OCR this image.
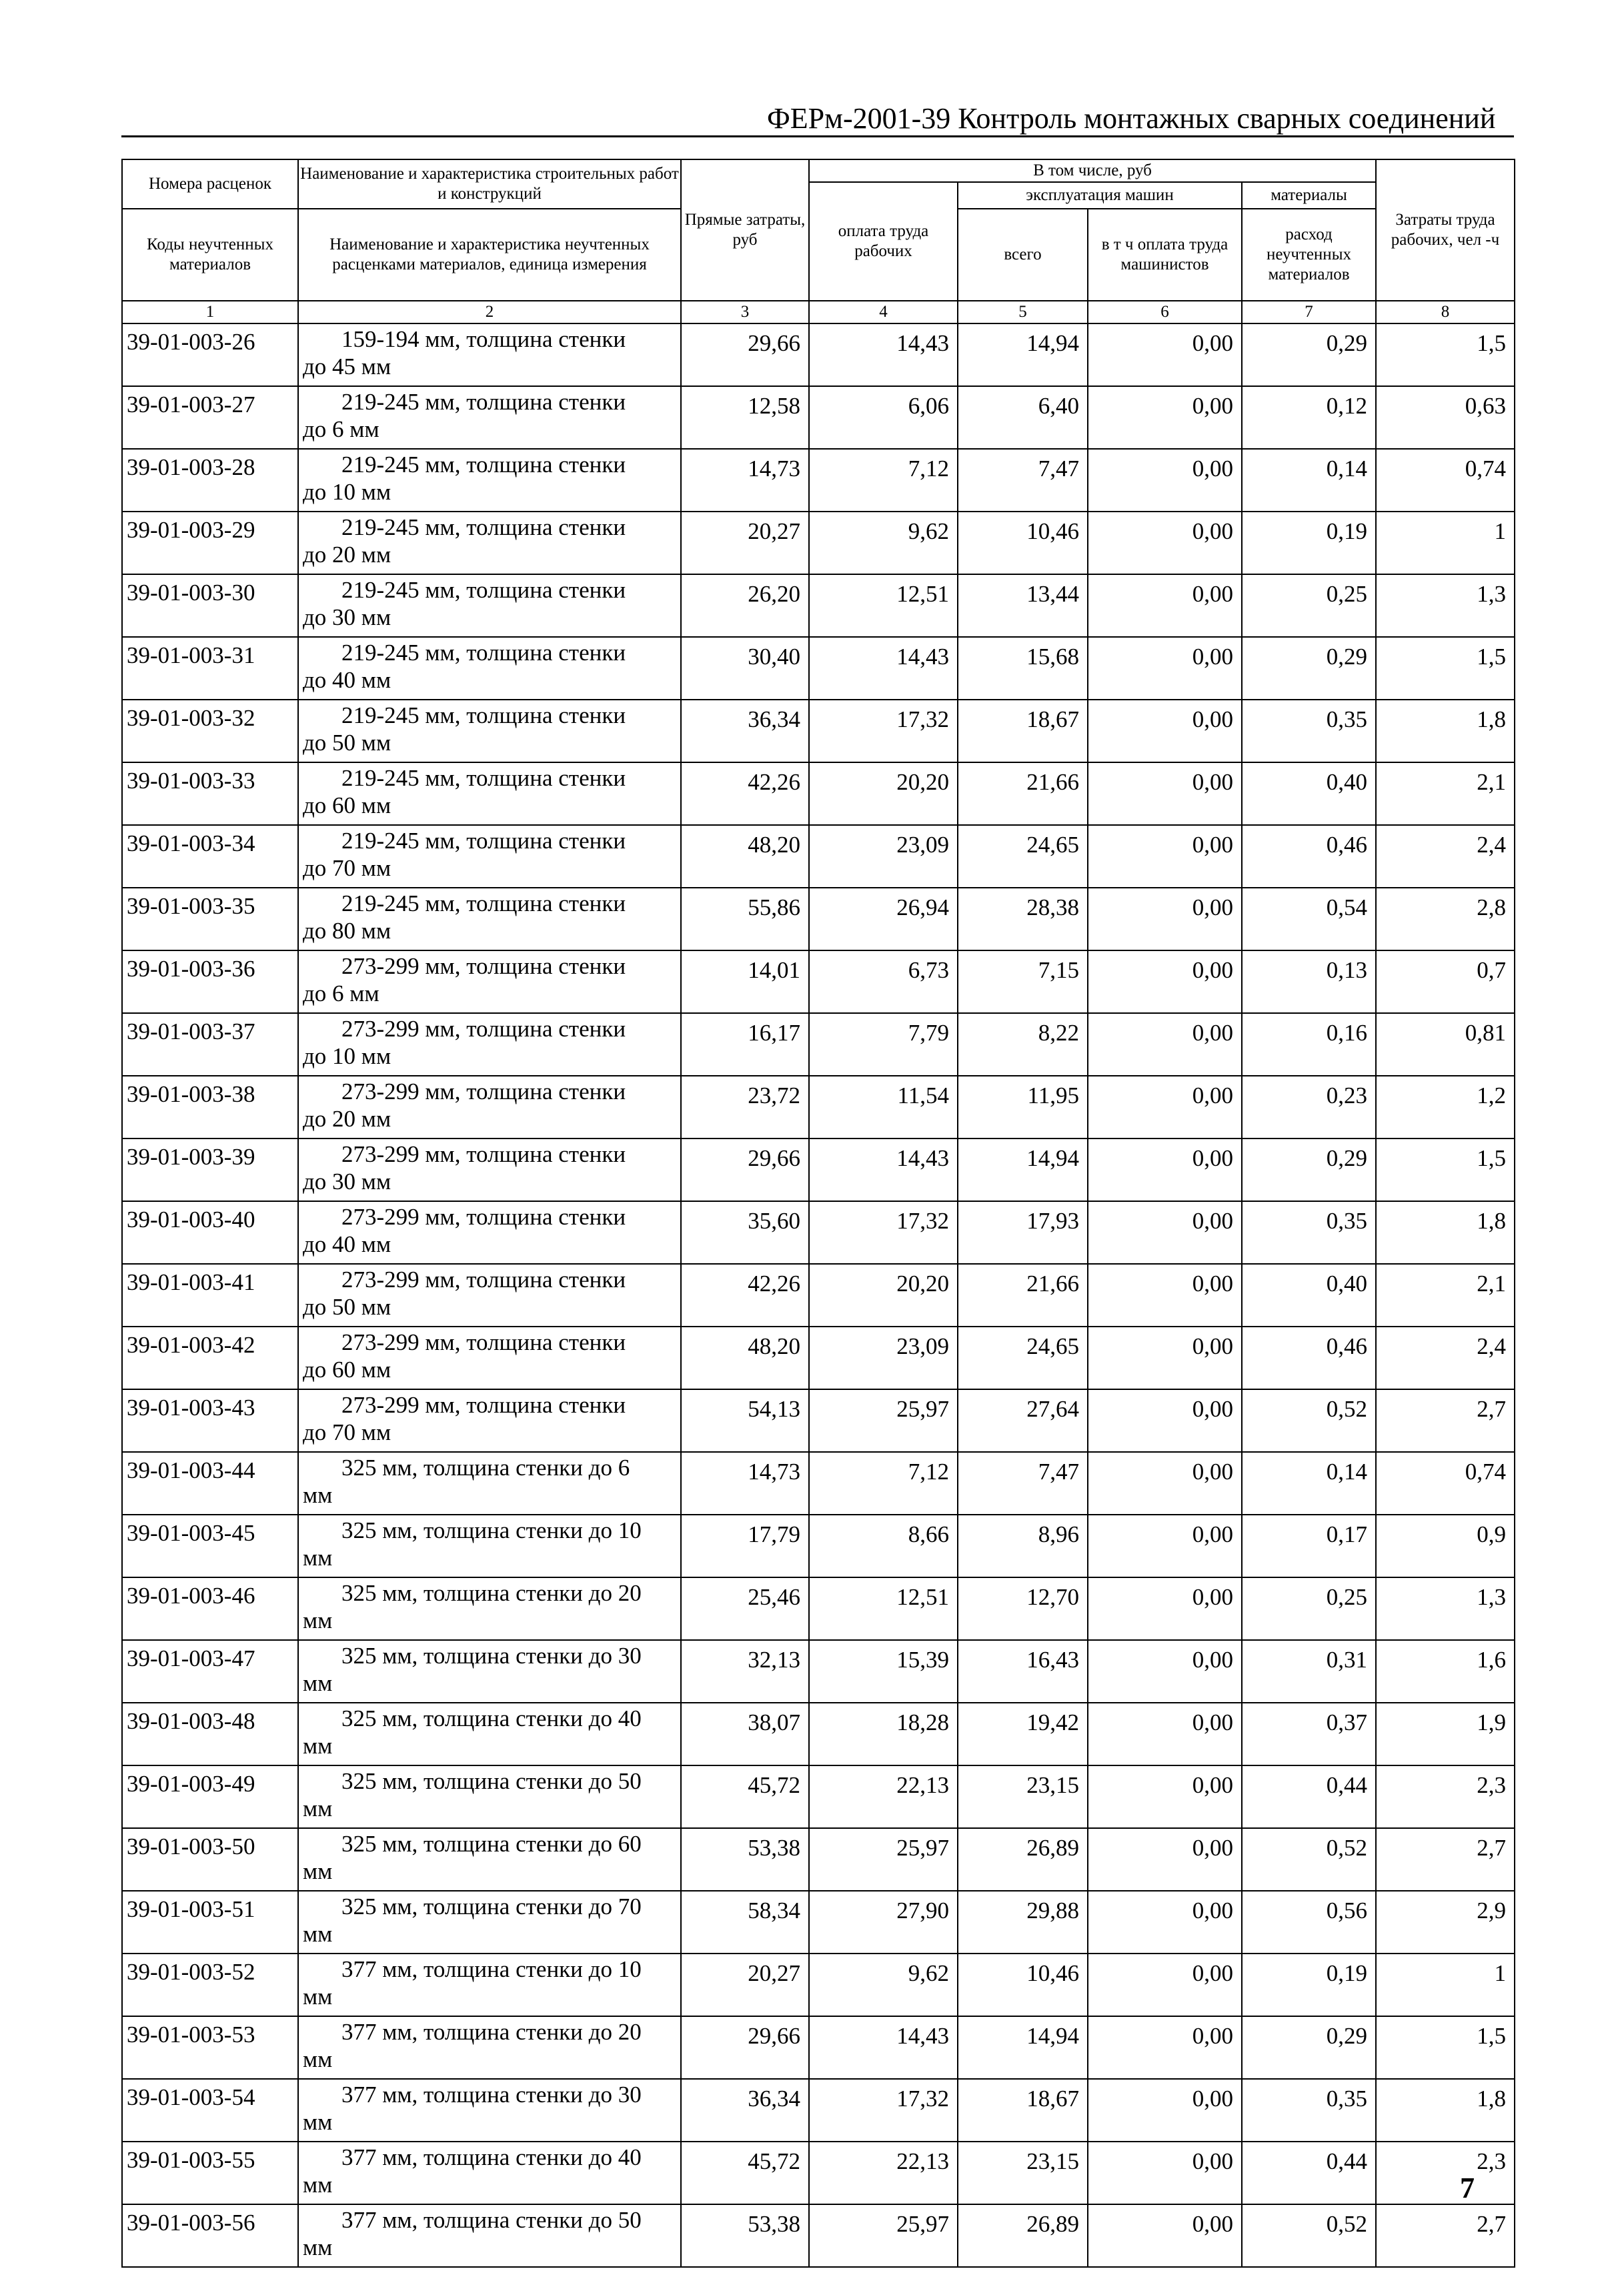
ФЕРм-2001-39 Контроль монтажных сварных соединений
Номера расценок	Наименование и характеристика строительных работ и конструкций	Прямые затраты, руб	В том числе, руб				Затраты труда рабочих, чел -ч
			оплата труда рабочих	эксплуатация машин		материалы	
Коды неучтенных материалов	Наименование и характеристика неучтенных расценками материалов, единица измерения			всего	в т ч оплата труда машинистов	расход неучтенных материалов	

1	2	3	4	5	6	7	8
39-01-003-26	159-194 мм, толщина стенки
до 45 мм	29,66	14,43	14,94	0,00	0,29	1,5
39-01-003-27	219-245 мм, толщина стенки
до 6 мм	12,58	6,06	6,40	0,00	0,12	0,63
39-01-003-28	219-245 мм, толщина стенки
до 10 мм	14,73	7,12	7,47	0,00	0,14	0,74
39-01-003-29	219-245 мм, толщина стенки
до 20 мм	20,27	9,62	10,46	0,00	0,19	1
39-01-003-30	219-245 мм, толщина стенки
до 30 мм	26,20	12,51	13,44	0,00	0,25	1,3
39-01-003-31	219-245 мм, толщина стенки
до 40 мм	30,40	14,43	15,68	0,00	0,29	1,5
39-01-003-32	219-245 мм, толщина стенки
до 50 мм	36,34	17,32	18,67	0,00	0,35	1,8
39-01-003-33	219-245 мм, толщина стенки
до 60 мм	42,26	20,20	21,66	0,00	0,40	2,1
39-01-003-34	219-245 мм, толщина стенки
до 70 мм	48,20	23,09	24,65	0,00	0,46	2,4
39-01-003-35	219-245 мм, толщина стенки
до 80 мм	55,86	26,94	28,38	0,00	0,54	2,8
39-01-003-36	273-299 мм, толщина стенки
до 6 мм	14,01	6,73	7,15	0,00	0,13	0,7
39-01-003-37	273-299 мм, толщина стенки
до 10 мм	16,17	7,79	8,22	0,00	0,16	0,81
39-01-003-38	273-299 мм, толщина стенки
до 20 мм	23,72	11,54	11,95	0,00	0,23	1,2
39-01-003-39	273-299 мм, толщина стенки
до 30 мм	29,66	14,43	14,94	0,00	0,29	1,5
39-01-003-40	273-299 мм, толщина стенки
до 40 мм	35,60	17,32	17,93	0,00	0,35	1,8
39-01-003-41	273-299 мм, толщина стенки
до 50 мм	42,26	20,20	21,66	0,00	0,40	2,1
39-01-003-42	273-299 мм, толщина стенки
до 60 мм	48,20	23,09	24,65	0,00	0,46	2,4
39-01-003-43	273-299 мм, толщина стенки
до 70 мм	54,13	25,97	27,64	0,00	0,52	2,7
39-01-003-44	325 мм, толщина стенки до 6
мм	14,73	7,12	7,47	0,00	0,14	0,74
39-01-003-45	325 мм, толщина стенки до 10
мм	17,79	8,66	8,96	0,00	0,17	0,9
39-01-003-46	325 мм, толщина стенки до 20
мм	25,46	12,51	12,70	0,00	0,25	1,3
39-01-003-47	325 мм, толщина стенки до 30
мм	32,13	15,39	16,43	0,00	0,31	1,6
39-01-003-48	325 мм, толщина стенки до 40
мм	38,07	18,28	19,42	0,00	0,37	1,9
39-01-003-49	325 мм, толщина стенки до 50
мм	45,72	22,13	23,15	0,00	0,44	2,3
39-01-003-50	325 мм, толщина стенки до 60
мм	53,38	25,97	26,89	0,00	0,52	2,7
39-01-003-51	325 мм, толщина стенки до 70
мм	58,34	27,90	29,88	0,00	0,56	2,9
39-01-003-52	377 мм, толщина стенки до 10
мм	20,27	9,62	10,46	0,00	0,19	1
39-01-003-53	377 мм, толщина стенки до 20
мм	29,66	14,43	14,94	0,00	0,29	1,5
39-01-003-54	377 мм, толщина стенки до 30
мм	36,34	17,32	18,67	0,00	0,35	1,8
39-01-003-55	377 мм, толщина стенки до 40
мм	45,72	22,13	23,15	0,00	0,44	2,3
39-01-003-56	377 мм, толщина стенки до 50
мм	53,38	25,97	26,89	0,00	0,52	2,7
7
